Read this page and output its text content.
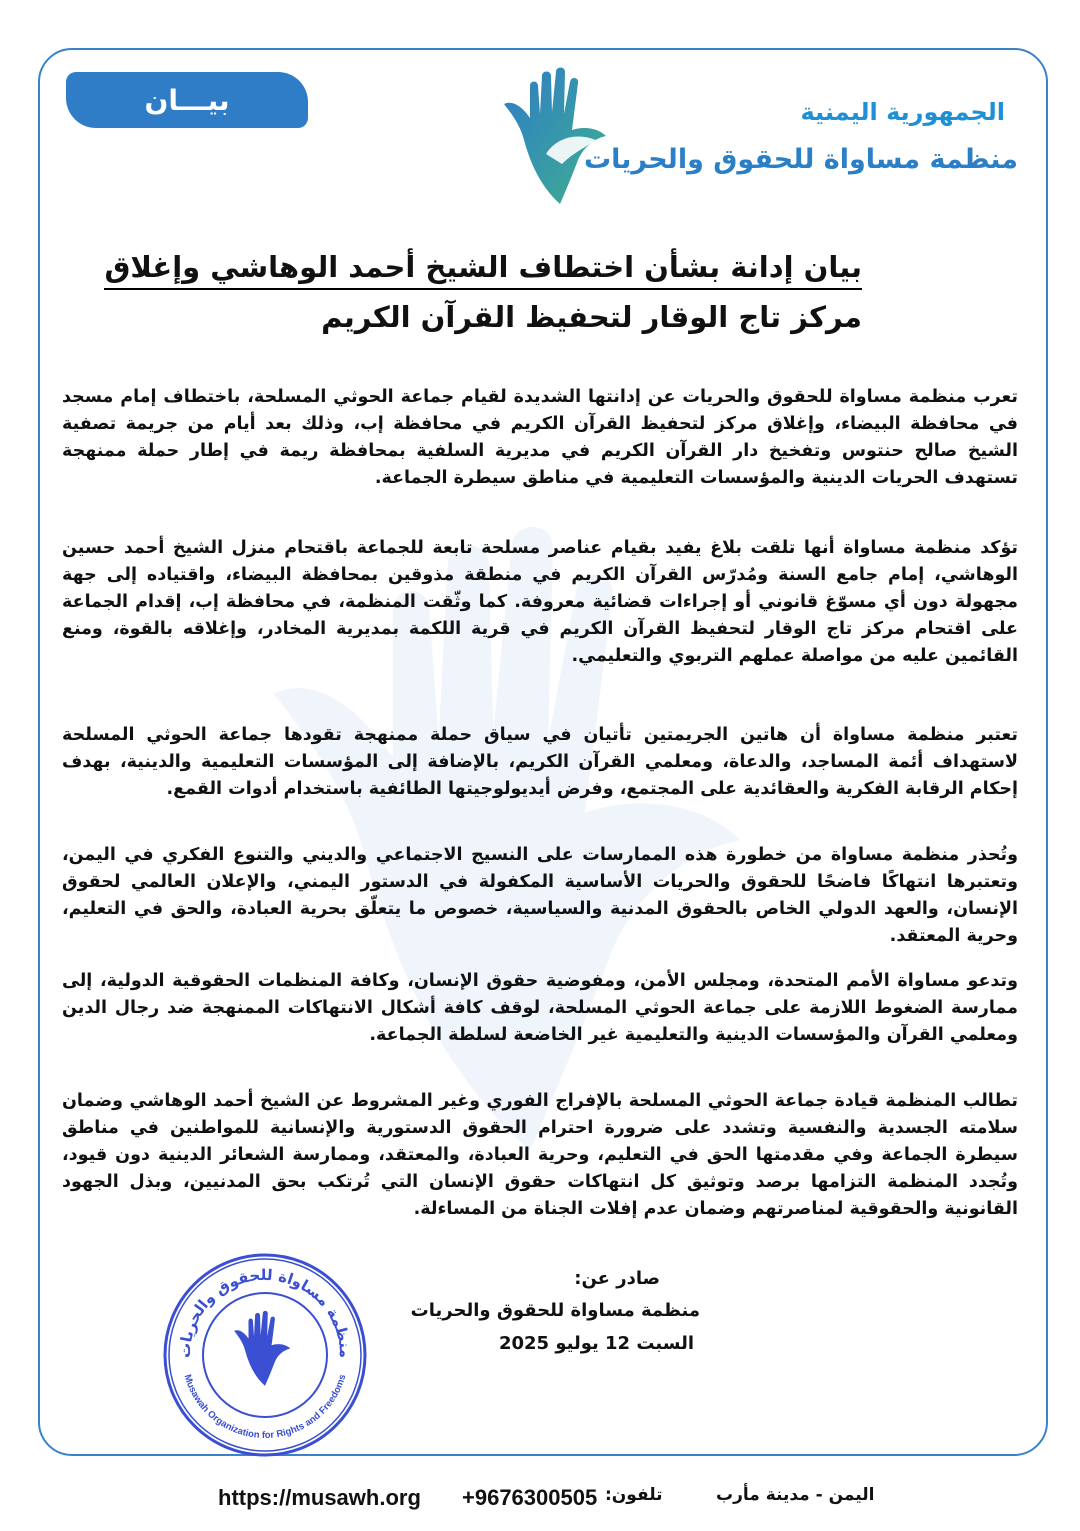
بيـــان	الجمهورية اليمنية
منظمة مساواة للحقوق والحريات
بيان إدانة بشأن اختطاف الشيخ أحمد الوهاشي وإغلاق
مركز تاج الوقار لتحفيظ القرآن الكريم

تعرب منظمة مساواة للحقوق والحريات عن إدانتها الشديدة لقيام جماعة الحوثي المسلحة، باختطاف إمام مسجد في محافظة البيضاء، وإغلاق مركز لتحفيظ القرآن الكريم في محافظة إب، وذلك بعد أيام من جريمة تصفية الشيخ صالح حنتوس وتفخيخ دار القرآن الكريم في مديرية السلفية بمحافظة ريمة في إطار حملة ممنهجة تستهدف الحريات الدينية والمؤسسات التعليمية في مناطق سيطرة الجماعة.

تؤكد منظمة مساواة أنها تلقت بلاغ يفيد بقيام عناصر مسلحة تابعة للجماعة باقتحام منزل الشيخ أحمد حسين الوهاشي، إمام جامع السنة ومُدرّس القرآن الكريم في منطقة مذوقين بمحافظة البيضاء، واقتياده إلى جهة مجهولة دون أي مسوّغ قانوني أو إجراءات قضائية معروفة. كما وثّقت المنظمة، في محافظة إب، إقدام الجماعة على اقتحام مركز تاج الوقار لتحفيظ القرآن الكريم في قرية اللكمة بمديرية المخادر، وإغلاقه بالقوة، ومنع القائمين عليه من مواصلة عملهم التربوي والتعليمي.

تعتبر منظمة مساواة أن هاتين الجريمتين تأتيان في سياق حملة ممنهجة تقودها جماعة الحوثي المسلحة لاستهداف أئمة المساجد، والدعاة، ومعلمي القرآن الكريم، بالإضافة إلى المؤسسات التعليمية والدينية، بهدف إحكام الرقابة الفكرية والعقائدية على المجتمع، وفرض أيديولوجيتها الطائفية باستخدام أدوات القمع.

وتُحذر منظمة مساواة من خطورة هذه الممارسات على النسيج الاجتماعي والديني والتنوع الفكري في اليمن، وتعتبرها انتهاكًا فاضحًا للحقوق والحريات الأساسية المكفولة في الدستور اليمني، والإعلان العالمي لحقوق الإنسان، والعهد الدولي الخاص بالحقوق المدنية والسياسية، خصوص ما يتعلّق بحرية العبادة، والحق في التعليم، وحرية المعتقد.

وتدعو مساواة الأمم المتحدة، ومجلس الأمن، ومفوضية حقوق الإنسان، وكافة المنظمات الحقوقية الدولية، إلى ممارسة الضغوط اللازمة على جماعة الحوثي المسلحة، لوقف كافة أشكال الانتهاكات الممنهجة ضد رجال الدين ومعلمي القرآن والمؤسسات الدينية والتعليمية غير الخاضعة لسلطة الجماعة.

تطالب المنظمة قيادة جماعة الحوثي المسلحة بالإفراج الفوري وغير المشروط عن الشيخ أحمد الوهاشي وضمان سلامته الجسدية والنفسية وتشدد على ضرورة احترام الحقوق الدستورية والإنسانية للمواطنين في مناطق سيطرة الجماعة وفي مقدمتها الحق في التعليم، وحرية العبادة، والمعتقد، وممارسة الشعائر الدينية دون قيود، وتُجدد المنظمة التزامها برصد وتوثيق كل انتهاكات حقوق الإنسان التي تُرتكب بحق المدنيين، وبذل الجهود القانونية والحقوقية لمناصرتهم وضمان عدم إفلات الجناة من المساءلة.

صادر عن:
منظمة مساواة للحقوق والحريات
السبت 12 يوليو 2025
منظمة مساواة للحقوق والحريات
Musawah Organization for Rights and Freedoms
https://musawh.org +9676300505 تلفون:	اليمن - مدينة مأرب
